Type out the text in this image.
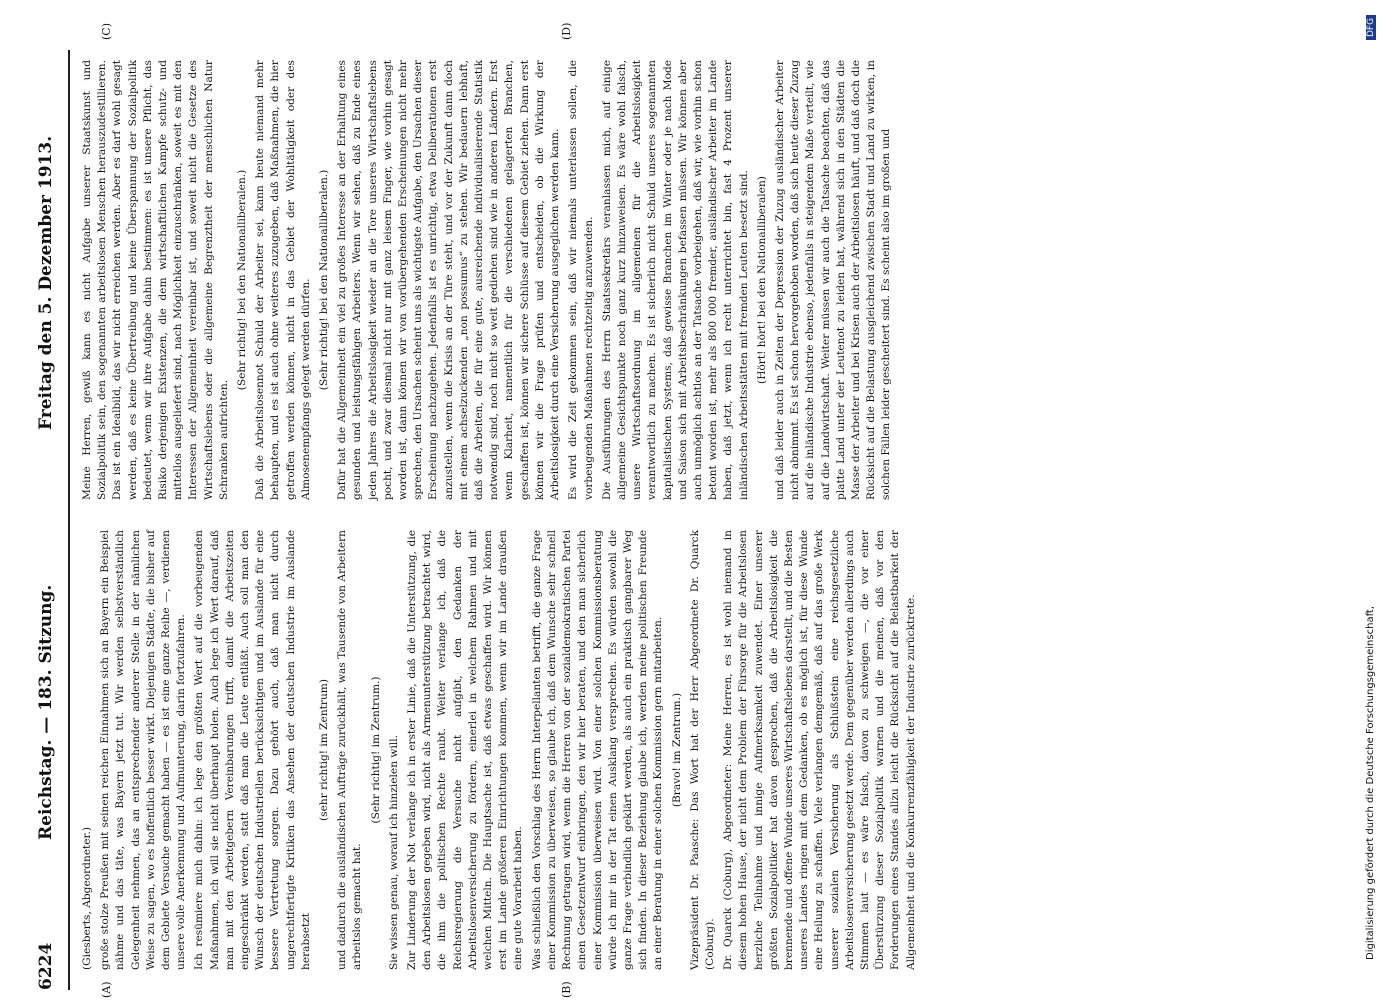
6224
Reichstag. — 183. Sitzung.
Freitag den 5. Dezember 1913.
(A)	(B)
(C)	(D)

(Giesberts, Abgeordneter.) große stolze Preußen mit seinen reichen Einnahmen sich an Bayern ein Beispiel nähme und das täte, was Bayern jetzt tut. Wir werden selbstverständlich Gelegenheit nehmen, das an entsprechender anderer Stelle in der nämlichen Weise zu sagen, wo es hoffentlich besser wirkt. Diejenigen Städte, die bisher auf dem Gebiete Versuche gemacht haben — es ist eine ganze Reihe —, verdienen unsere volle Anerkennung und Aufmunterung, darin fortzufahren. Ich resümiere mich dahin: ich lege den größten Wert auf die vorbeugenden Maßnahmen, ich will sie nicht überhaupt holen. Auch lege ich Wert darauf, daß man mit den Arbeitgebern Vereinbarungen trifft, damit die Arbeitszeiten eingeschränkt werden, statt daß man die Leute entläßt. Auch soll man den Wunsch der deutschen Industriellen berücksichtigen und im Auslande für eine bessere Vertretung sorgen. Dazu gehört auch, daß man nicht durch ungerechtfertigte Kritiken das Ansehen der deutschen Industrie im Auslande herabsetzt

(sehr richtig! im Zentrum) und dadurch die ausländischen Aufträge zurückhält, was Tausende von Arbeitern arbeitslos gemacht hat.

(Sehr richtig! im Zentrum.) Sie wissen genau, worauf ich hinzielen will. Zur Linderung der Not verlange ich in erster Linie, daß die Unterstützung, die den Arbeitslosen gegeben wird, nicht als Armenunterstützung betrachtet wird, die ihm die politischen Rechte raubt. Weiter verlange ich, daß die Reichsregierung die Versuche nicht aufgibt, den Gedanken der Arbeitslosenversicherung zu fördern, einerlei in welchem Rahmen und mit welchen Mitteln. Die Hauptsache ist, daß etwas geschaffen wird. Wir können erst im Lande größeren Einrichtungen kommen, wenn wir im Lande draußen eine gute Vorarbeit haben. Was schließlich den Vorschlag des Herrn Interpellanten betrifft, die ganze Frage einer Kommission zu überweisen, so glaube ich, daß dem Wunsche sehr schnell Rechnung getragen wird, wenn die Herren von der sozialdemokratischen Partei einen Gesetzentwurf einbringen, den wir hier beraten, und den man sicherlich einer Kommission überweisen wird. Von einer solchen Kommissionsberatung würde ich mir in der Tat einen Ausklang versprechen. Es würden sowohl die ganze Frage verbindlich geklärt werden, als auch ein praktisch gangbarer Weg sich finden. In dieser Beziehung glaube ich, werden meine politischen Freunde an einer Beratung in einer solchen Kommission gern mitarbeiten. (Bravo! im Zentrum.) Vizepräsident Dr. Paasche: Das Wort hat der Herr Abgeordnete Dr. Quarck (Coburg). Dr. Quarck (Coburg), Abgeordneter: Meine Herren, es ist wohl niemand in diesem hohen Hause, der nicht dem Problem der Fürsorge für die Arbeitslosen herzliche Teilnahme und innige Aufmerksamkeit zuwendet. Einer unserer größten Sozialpolitiker hat davon gesprochen, daß die Arbeitslosigkeit die brennende und offene Wunde unseres Wirtschaftslebens darstellt, und die Besten unseres Landes ringen mit dem Gedanken, ob es möglich ist, für diese Wunde eine Heilung zu schaffen. Viele verlangen demgemäß, daß auf das große Werk unserer sozialen Versicherung als Schlußstein eine reichsgesetzliche Arbeitslosenversicherung gesetzt werde. Dem gegenüber werden allerdings auch Stimmen laut — es wäre falsch, davon zu schweigen —, die vor einer Überstürzung dieser Sozialpolitik warnen und die meinen, daß vor den Forderungen eines Standes allzu leicht die Rücksicht auf die Belastbarkeit der Allgemeinheit und die Konkurrenzfähigkeit der Industrie zurücktrete.

Meine Herren, gewiß kann es nicht Aufgabe unserer Staatskunst und Sozialpolitik sein, den sogenannten arbeitslosen Menschen herauszudestillieren. Das ist ein Idealbild, das wir nicht erreichen werden. Aber es darf wohl gesagt werden, daß es keine Übertreibung und keine Überspannung der Sozialpolitik bedeutet, wenn wir ihre Aufgabe dahin bestimmen: es ist unsere Pflicht, das Risiko derjenigen Existenzen, die dem wirtschaftlichen Kampfe schutz- und mittellos ausgeliefert sind, nach Möglichkeit einzuschränken, soweit es mit den Interessen der Allgemeinheit vereinbar ist, und soweit nicht die Gesetze des Wirtschaftslebens oder die allgemeine Begrenztheit der menschlichen Natur Schranken aufrichten.

(Sehr richtig! bei den Nationalliberalen.) Daß die Arbeitslosennot Schuld der Arbeiter sei, kann heute niemand mehr behaupten, und es ist auch ohne weiteres zuzugeben, daß Maßnahmen, die hier getroffen werden können, nicht in das Gebiet der Wohltätigkeit oder des Almosenempfangs gelegt werden dürfen. (Sehr richtig! bei den Nationalliberalen.) Dafür hat die Allgemeinheit ein viel zu großes Interesse an der Erhaltung eines gesunden und leistungsfähigen Arbeiters. Wenn wir sehen, daß zu Ende eines jeden Jahres die Arbeitslosigkeit wieder an die Tore unseres Wirtschaftslebens pocht, und zwar diesmal nicht nur mit ganz leisem Finger, wie vorhin gesagt worden ist, dann können wir von vorübergehenden Erscheinungen nicht mehr sprechen, den Ursachen scheint uns als wichtigste Aufgabe, den Ursachen dieser Erscheinung nachzugehen. Jedenfalls ist es unrichtig, etwa Deliberationen erst anzustellen, wenn die Krisis an der Türe steht, und vor der Zukunft dann doch mit einem achselzuckenden „non possumus“ zu stehen. Wir bedauern lebhaft, daß die Arbeiten, die für eine gute, ausreichende individualisierende Statistik notwendig sind, noch nicht so weit gediehen sind wie in anderen Ländern. Erst wenn Klarheit, namentlich für die verschiedenen gelagerten Branchen, geschaffen ist, können wir sichere Schlüsse auf diesem Gebiet ziehen. Dann erst können wir die Frage prüfen und entscheiden, ob die Wirkung der Arbeitslosigkeit durch eine Versicherung ausgeglichen werden kann. Es wird die Zeit gekommen sein, daß wir niemals unterlassen sollen, die vorbeugenden Maßnahmen rechtzeitig anzuwenden. Die Ausführungen des Herrn Staatssekretärs veranlassen mich, auf einige allgemeine Gesichtspunkte noch ganz kurz hinzuweisen. Es wäre wohl falsch, unsere Wirtschaftsordnung im allgemeinen für die Arbeitslosigkeit verantwortlich zu machen. Es ist sicherlich nicht Schuld unseres sogenannten kapitalistischen Systems, daß gewisse Branchen im Winter oder je nach Mode und Saison sich mit Arbeitsbeschränkungen befassen müssen. Wir können aber auch unmöglich achtlos an der Tatsache vorbeigehen, daß wir, wie vorhin schon betont worden ist, mehr als 800 000 fremder, ausländischer Arbeiter im Lande haben, daß jetzt, wenn ich recht unterrichtet bin, fast 4 Prozent unserer inländischen Arbeitsstätten mit fremden Leuten besetzt sind. (Hört! hört! bei den Nationalliberalen) und daß leider auch in Zeiten der Depression der Zuzug ausländischer Arbeiter nicht abnimmt. Es ist schon hervorgehoben worden, daß sich heute dieser Zuzug auf die inländische Industrie ebenso, jedenfalls in steigendem Maße verteilt, wie auf die Landwirtschaft. Weiter müssen wir auch die Tatsache beachten, daß das platte Land unter der Leutenot zu leiden hat, während sich in den Städten die Masse der Arbeiter und bei Krisen auch der Arbeitslosen häuft, und daß doch die Rücksicht auf die Belastung ausgleichend zwischen Stadt und Land zu wirken, in solchen Fällen leider gescheitert sind. Es scheint also im großen und

Digitalisierung gefördert durch die Deutsche Forschungsgemeinschaft,
DFG
